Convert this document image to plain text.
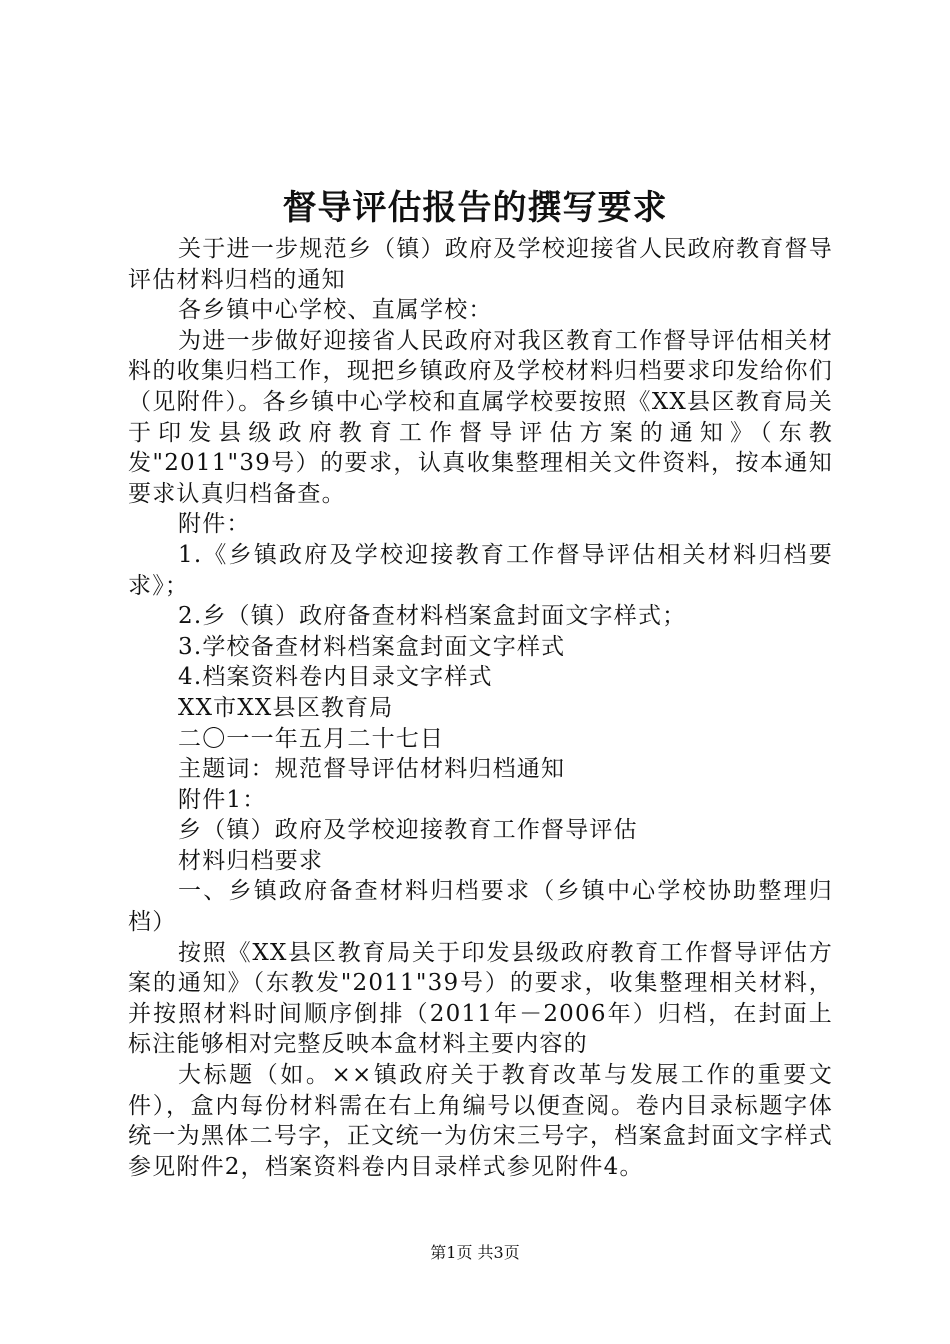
督导评估报告的撰写要求

关于进一步规范乡（镇）政府及学校迎接省人民政府教育督导评估材料归档的通知

各乡镇中心学校、直属学校：

为进一步做好迎接省人民政府对我区教育工作督导评估相关材料的收集归档工作，现把乡镇政府及学校材料归档要求印发给你们（见附件）。各乡镇中心学校和直属学校要按照《XX县区教育局关于印发县级政府教育工作督导评估方案的通知》（东教发"2011"39号）的要求，认真收集整理相关文件资料，按本通知要求认真归档备查。

附件：

1.《乡镇政府及学校迎接教育工作督导评估相关材料归档要求》；

2.乡（镇）政府备查材料档案盒封面文字样式；

3.学校备查材料档案盒封面文字样式

4.档案资料卷内目录文字样式

XX市XX县区教育局

二〇一一年五月二十七日

主题词：规范督导评估材料归档通知

附件1：

乡（镇）政府及学校迎接教育工作督导评估

材料归档要求

一、乡镇政府备查材料归档要求（乡镇中心学校协助整理归档）

按照《XX县区教育局关于印发县级政府教育工作督导评估方案的通知》（东教发"2011"39号）的要求，收集整理相关材料，并按照材料时间顺序倒排（2011年－2006年）归档，在封面上标注能够相对完整反映本盒材料主要内容的

大标题（如。××镇政府关于教育改革与发展工作的重要文件），盒内每份材料需在右上角编号以便查阅。卷内目录标题字体统一为黑体二号字，正文统一为仿宋三号字，档案盒封面文字样式参见附件2，档案资料卷内目录样式参见附件4。

第1页 共3页
